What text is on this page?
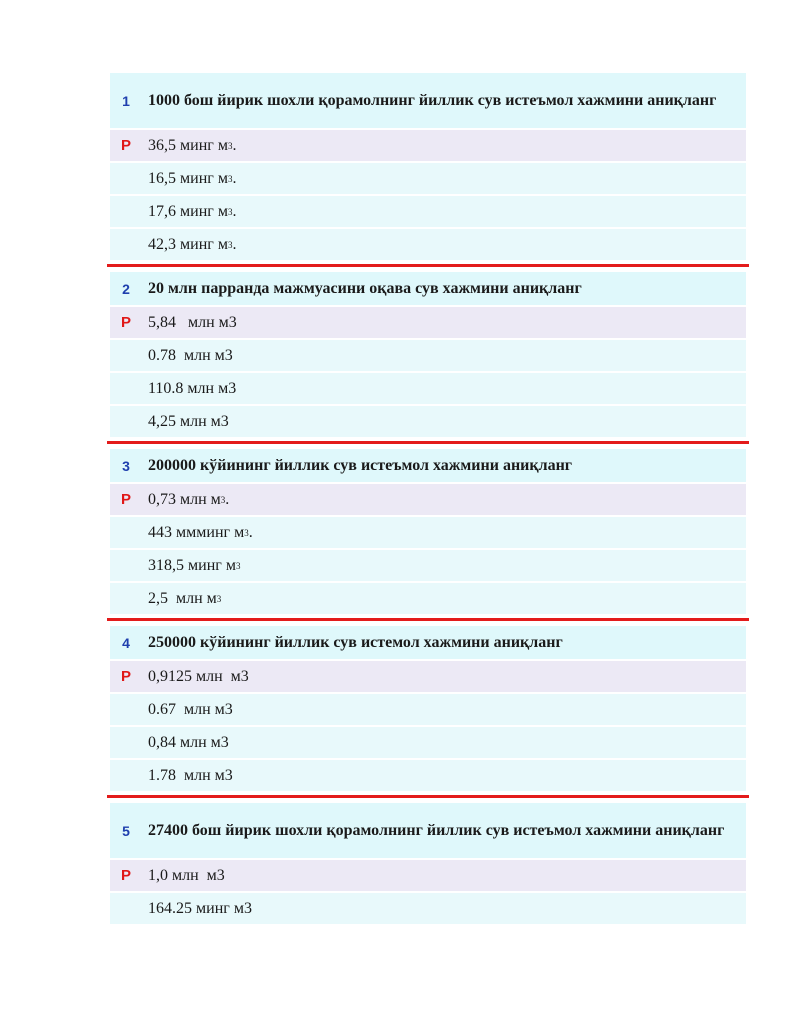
1	1000 бош йирик шохли қорамолнинг йиллик сув истеъмол хажмини аниқланг
Р	36,5 минг м 3 .
16,5 минг м 3 .
17,6 минг м 3 .
42,3 минг м 3 .
2	20 млн парранда мажмуасини оқава сув хажмини аниқланг
Р	5,84   млн м3
0.78  млн м3
110.8 млн м3
4,25 млн м3
3	200000 кўйининг йиллик сув истеъмол хажмини аниқланг
Р	0,73 млн м 3 .
443 ммминг м 3 .
318,5 минг м 3
2,5  млн м 3
4	250000 кўйининг йиллик сув истемол хажмини аниқланг
Р	0,9125 млн  м3
0.67  млн м3
0,84 млн м3
1.78  млн м3
5	27400 бош йирик шохли қорамолнинг йиллик сув истеъмол хажмини аниқланг
Р	1,0 млн  м3
164.25 минг м3
